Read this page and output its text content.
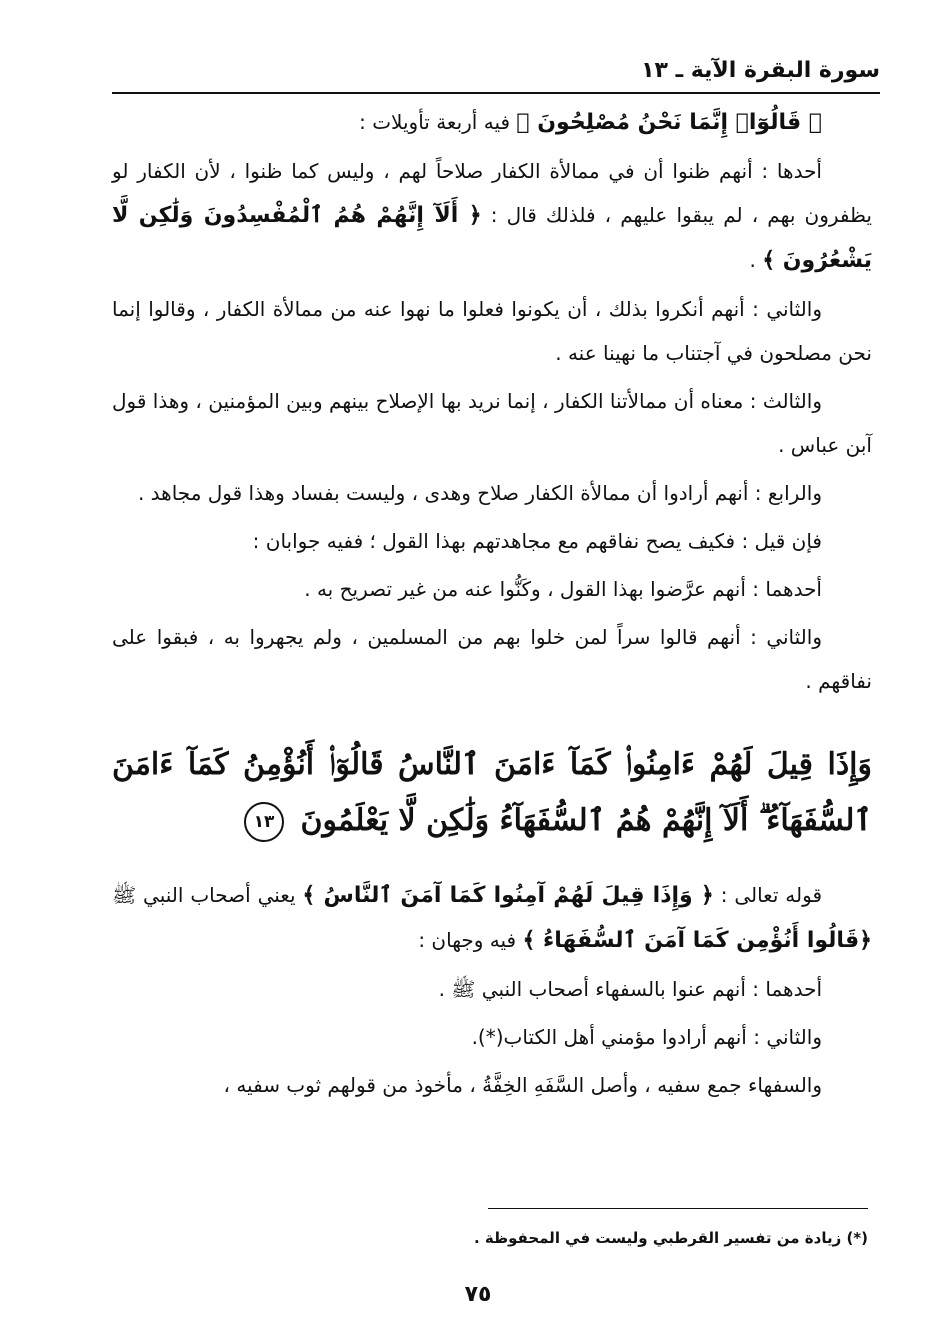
سورة البقرة الآية ـ ١٣

﴿ قَالُوٓا۟ إِنَّمَا نَحْنُ مُصْلِحُونَ ﴾ فيه أربعة تأويلات :

أحدها : أنهم ظنوا أن في ممالأة الكفار صلاحاً لهم ، وليس كما ظنوا ، لأن الكفار لو يظفرون بهم ، لم يبقوا عليهم ، فلذلك قال : ﴿ أَلَآ إِنَّهُمْ هُمُ ٱلْمُفْسِدُونَ وَلَٰكِن لَّا يَشْعُرُونَ ﴾ .

والثاني : أنهم أنكروا بذلك ، أن يكونوا فعلوا ما نهوا عنه من ممالأة الكفار ، وقالوا إنما نحن مصلحون في آجتناب ما نهينا عنه .

والثالث : معناه أن ممالأتنا الكفار ، إنما نريد بها الإصلاح بينهم وبين المؤمنين ، وهذا قول آبن عباس .

والرابع : أنهم أرادوا أن ممالأة الكفار صلاح وهدى ، وليست بفساد وهذا قول مجاهد .

فإن قيل : فكيف يصح نفاقهم مع مجاهدتهم بهذا القول ؛ ففيه جوابان :

أحدهما : أنهم عرَّضوا بهذا القول ، وكَنُّوا عنه من غير تصريح به .

والثاني : أنهم قالوا سراً لمن خلوا بهم من المسلمين ، ولم يجهروا به ، فبقوا على نفاقهم .

وَإِذَا قِيلَ لَهُمْ ءَامِنُوا۟ كَمَآ ءَامَنَ ٱلنَّاسُ قَالُوٓا۟ أَنُؤْمِنُ كَمَآ ءَامَنَ ٱلسُّفَهَآءُ ۗ أَلَآ إِنَّهُمْ هُمُ ٱلسُّفَهَآءُ وَلَٰكِن لَّا يَعْلَمُونَ ١٣

قوله تعالى : ﴿ وَإِذَا قِيلَ لَهُمْ آمِنُوا كَمَا آمَنَ ٱلنَّاسُ ﴾ يعني أصحاب النبي ﷺ ﴿قَالُوا أَنُؤْمِن كَمَا آمَنَ ٱلسُّفَهَاءُ ﴾ فيه وجهان :

أحدهما : أنهم عنوا بالسفهاء أصحاب النبي ﷺ .

والثاني : أنهم أرادوا مؤمني أهل الكتاب(*).

والسفهاء جمع سفيه ، وأصل السَّفَهِ الخِفَّةُ ، مأخوذ من قولهم ثوب سفيه ،

(*) زيادة من تفسير القرطبي وليست في المحفوظة .
٧٥
